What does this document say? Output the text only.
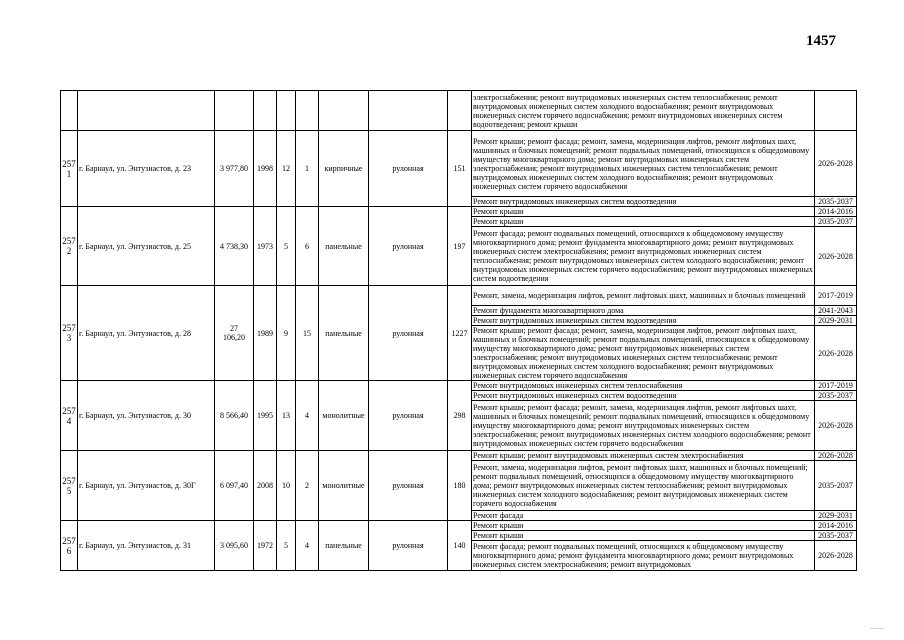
1457
									электроснабжения; ремонт внутридомовых инженерных систем теплоснабжения; ремонт внутридомовых инженерных систем холодного водоснабжения; ремонт внутридомовых инженерных систем горячего водоснабжения; ремонт внутридомовых инженерных систем водоотведения; ремонт крыши	
257
1	г. Барнаул, ул. Энтузиастов, д. 23	3 977,80	1998	12	1	кирпичные	рулонная	151	Ремонт крыши; ремонт фасада; ремонт, замена, модернизация лифтов, ремонт лифтовых шахт, машинных и блочных помещений; ремонт подвальных помещений, относящихся к общедомовому имуществу многоквартирного дома; ремонт внутридомовых инженерных систем электроснабжения; ремонт внутридомовых инженерных систем теплоснабжения; ремонт внутридомовых инженерных систем холодного водоснабжения; ремонт внутридомовых инженерных систем горячего водоснабжения	2026-2028
									Ремонт внутридомовых инженерных систем водоотведения	2035-2037
257
2	г. Барнаул, ул. Энтузиастов, д. 25	4 738,30	1973	5	6	панельные	рулонная	197	Ремонт крыши	2014-2016
									Ремонт крыши	2035-2037
									Ремонт фасада; ремонт подвальных помещений, относящихся к общедомовому имуществу многоквартирного дома; ремонт фундамента многоквартирного дома; ремонт внутридомовых инженерных систем электроснабжения; ремонт внутридомовых инженерных систем теплоснабжения; ремонт внутридомовых инженерных систем холодного водоснабжения; ремонт внутридомовых инженерных систем горячего водоснабжения; ремонт внутридомовых инженерных систем водоотведения	2026-2028
257
3	г. Барнаул, ул. Энтузиастов, д. 28	27
106,20	1989	9	15	панельные	рулонная	1227	Ремонт, замена, модернизация лифтов, ремонт лифтовых шахт, машинных и блочных помещений	2017-2019
									Ремонт фундамента многоквартирного дома	2041-2043
									Ремонт внутридомовых инженерных систем водоотведения	2029-2031
									Ремонт крыши; ремонт фасада; ремонт, замена, модернизация лифтов, ремонт лифтовых шахт, машинных и блочных помещений; ремонт подвальных помещений, относящихся к общедомовому имуществу многоквартирного дома; ремонт внутридомовых инженерных систем электроснабжения; ремонт внутридомовых инженерных систем теплоснабжения; ремонт внутридомовых инженерных систем холодного водоснабжения; ремонт внутридомовых инженерных систем горячего водоснабжения	2026-2028
257
4	г. Барнаул, ул. Энтузиастов, д. 30	8 566,40	1995	13	4	монолитные	рулонная	298	Ремонт внутридомовых инженерных систем теплоснабжения	2017-2019
									Ремонт внутридомовых инженерных систем водоотведения	2035-2037
									Ремонт крыши; ремонт фасада; ремонт, замена, модернизация лифтов, ремонт лифтовых шахт, машинных и блочных помещений; ремонт подвальных помещений, относящихся к общедомовому имуществу многоквартирного дома; ремонт внутридомовых инженерных систем электроснабжения; ремонт внутридомовых инженерных систем холодного водоснабжения; ремонт внутридомовых инженерных систем горячего водоснабжения	2026-2028
257
5	г. Барнаул, ул. Энтузиастов, д. 30Г	6 097,40	2008	10	2	монолитные	рулонная	180	Ремонт крыши; ремонт внутридомовых инженерных систем электроснабжения	2026-2028
									Ремонт, замена, модернизация лифтов, ремонт лифтовых шахт, машинных и блочных помещений; ремонт подвальных помещений, относящихся к общедомовому имуществу многоквартирного дома; ремонт внутридомовых инженерных систем теплоснабжения; ремонт внутридомовых инженерных систем холодного водоснабжения; ремонт внутридомовых инженерных систем горячего водоснабжения	2035-2037
									Ремонт фасада	2029-2031
257
6	г. Барнаул, ул. Энтузиастов, д. 31	3 095,60	1972	5	4	панельные	рулонная	140	Ремонт крыши	2014-2016
									Ремонт крыши	2035-2037
									Ремонт фасада; ремонт подвальных помещений, относящихся к общедомовому имуществу многоквартирного дома; ремонт фундамента многоквартирного дома; ремонт внутридомовых инженерных систем электроснабжения; ремонт внутридомовых	2026-2028
